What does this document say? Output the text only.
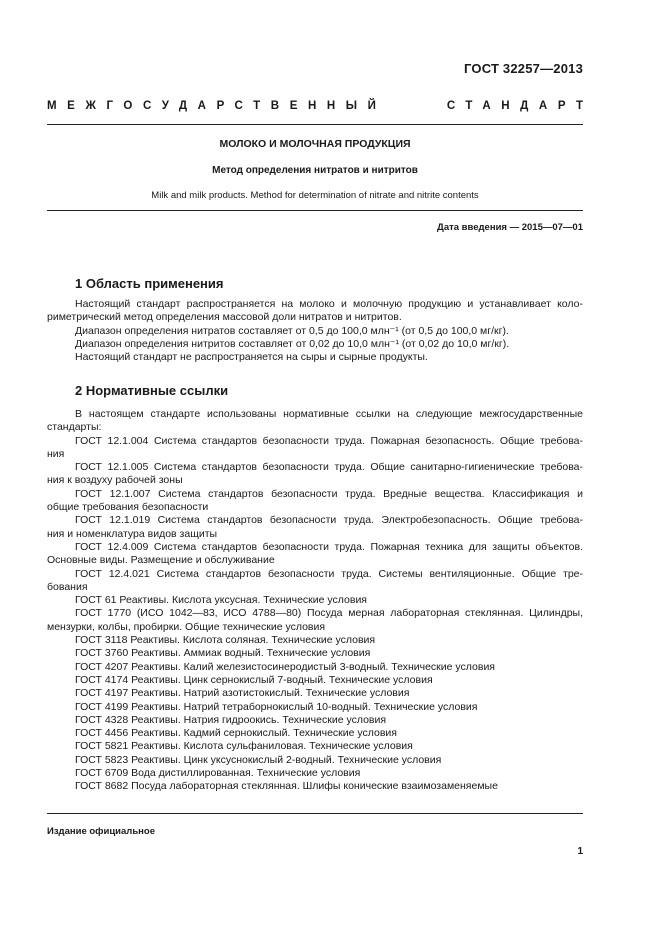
ГОСТ 32257—2013
МЕЖГОСУДАРСТВЕННЫЙ	СТАНДАРТ
МОЛОКО И МОЛОЧНАЯ ПРОДУКЦИЯ
Метод определения нитратов и нитритов
Milk and milk products. Method for determination of nitrate and nitrite contents
Дата введения — 2015—07—01
1 Область применения
Настоящий стандарт распространяется на молоко и молочную продукцию и устанавливает коло-
риметрический метод определения массовой доли нитратов и нитритов.
Диапазон определения нитратов составляет от 0,5 до 100,0 млн⁻¹ (от 0,5 до 100,0 мг/кг).
Диапазон определения нитритов составляет от 0,02 до 10,0 млн⁻¹ (от 0,02 до 10,0 мг/кг).
Настоящий стандарт не распространяется на сыры и сырные продукты.
2 Нормативные ссылки
В настоящем стандарте использованы нормативные ссылки на следующие межгосударственные
стандарты:
ГОСТ 12.1.004 Система стандартов безопасности труда. Пожарная безопасность. Общие требова-
ния
ГОСТ 12.1.005 Система стандартов безопасности труда. Общие санитарно-гигиенические требова-
ния к воздуху рабочей зоны
ГОСТ 12.1.007 Система стандартов безопасности труда. Вредные вещества. Классификация и
общие требования безопасности
ГОСТ 12.1.019 Система стандартов безопасности труда. Электробезопасность. Общие требова-
ния и номенклатура видов защиты
ГОСТ 12.4.009 Система стандартов безопасности труда. Пожарная техника для защиты объектов.
Основные виды. Размещение и обслуживание
ГОСТ 12.4.021 Система стандартов безопасности труда. Системы вентиляционные. Общие тре-
бования
ГОСТ 61 Реактивы. Кислота уксусная. Технические условия
ГОСТ 1770 (ИСО 1042—83, ИСО 4788—80) Посуда мерная лабораторная стеклянная. Цилиндры,
мензурки, колбы, пробирки. Общие технические условия
ГОСТ 3118 Реактивы. Кислота соляная. Технические условия
ГОСТ 3760 Реактивы. Аммиак водный. Технические условия
ГОСТ 4207 Реактивы. Калий железистосинеродистый 3-водный. Технические условия
ГОСТ 4174 Реактивы. Цинк сернокислый 7-водный. Технические условия
ГОСТ 4197 Реактивы. Натрий азотистокислый. Технические условия
ГОСТ 4199 Реактивы. Натрий тетраборнокислый 10-водный. Технические условия
ГОСТ 4328 Реактивы. Натрия гидроокись. Технические условия
ГОСТ 4456 Реактивы. Кадмий сернокислый. Технические условия
ГОСТ 5821 Реактивы. Кислота сульфаниловая. Технические условия
ГОСТ 5823 Реактивы. Цинк уксуснокислый 2-водный. Технические условия
ГОСТ 6709 Вода дистиллированная. Технические условия
ГОСТ 8682 Посуда лабораторная стеклянная. Шлифы конические взаимозаменяемые
Издание официальное
1
